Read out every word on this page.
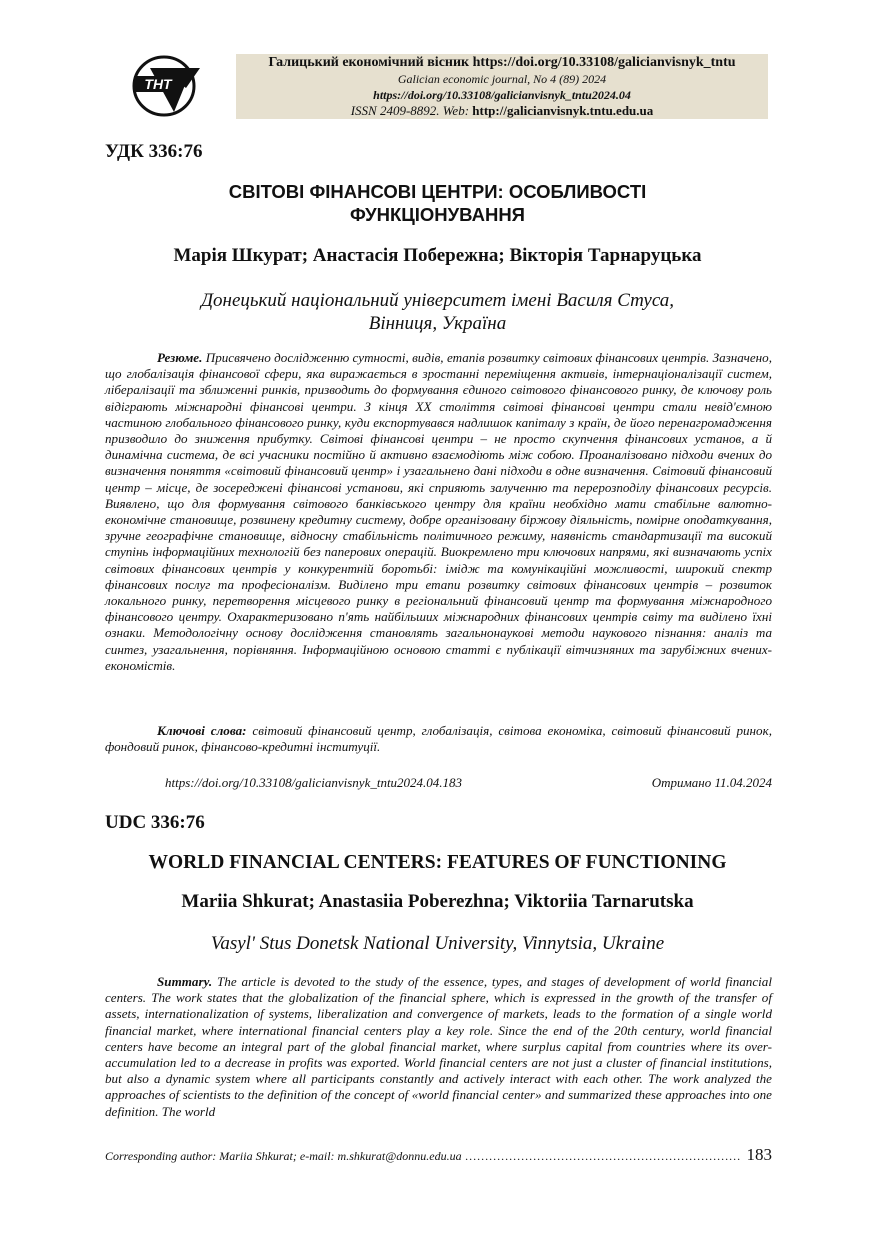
ТНТ
Галицький економічний вісник https://doi.org/10.33108/galicianvisnyk_tntu
Galician economic journal, No 4 (89) 2024
https://doi.org/10.33108/galicianvisnyk_tntu2024.04
ISSN 2409-8892. Web: http://galicianvisnyk.tntu.edu.ua
УДК 336:76
СВІТОВІ ФІНАНСОВІ ЦЕНТРИ: ОСОБЛИВОСТІ
ФУНКЦІОНУВАННЯ
Марія Шкурат; Анастасія Побережна; Вікторія Тарнаруцька
Донецький національний університет імені Василя Стуса,
Вінниця, Україна

Резюме. Присвячено дослідженню сутності, видів, етапів розвитку світових фінансових центрів. Зазначено, що глобалізація фінансової сфери, яка виражається в зростанні переміщення активів, інтернаціоналізації систем, лібералізації та зближенні ринків, призводить до формування єдиного світового фінансового ринку, де ключову роль відіграють міжнародні фінансові центри. З кінця XX століття світові фінансові центри стали невід'ємною частиною глобального фінансового ринку, куди експортувався надлишок капіталу з країн, де його перенагромадження призводило до зниження прибутку. Світові фінансові центри – не просто скупчення фінансових установ, а й динамічна система, де всі учасники постійно й активно взаємодіють між собою. Проаналізовано підходи вчених до визначення поняття «світовий фінансовий центр» і узагальнено дані підходи в одне визначення. Світовий фінансовий центр – місце, де зосереджені фінансові установи, які сприяють залученню та перерозподілу фінансових ресурсів. Виявлено, що для формування світового банківського центру для країни необхідно мати стабільне валютно-економічне становище, розвинену кредитну систему, добре організовану біржову діяльність, помірне оподаткування, зручне географічне становище, відносну стабільність політичного режиму, наявність стандартизації та високий ступінь інформаційних технологій без паперових операцій. Виокремлено три ключових напрями, які визначають успіх світових фінансових центрів у конкурентній боротьбі: імідж та комунікаційні можливості, широкий спектр фінансових послуг та професіоналізм. Виділено три етапи розвитку світових фінансових центрів – розвиток локального ринку, перетворення місцевого ринку в регіональний фінансовий центр та формування міжнародного фінансового центру. Охарактеризовано п'ять найбільших міжнародних фінансових центрів світу та виділено їхні ознаки. Методологічну основу дослідження становлять загальнонаукові методи наукового пізнання: аналіз та синтез, узагальнення, порівняння. Інформаційною основою статті є публікації вітчизняних та зарубіжних вчених-економістів.

Ключові слова: світовий фінансовий центр, глобалізація, світова економіка, світовий фінансовий ринок, фондовий ринок, фінансово-кредитні інституції.

https://doi.org/10.33108/galicianvisnyk_tntu2024.04.183	Отримано 11.04.2024
UDC 336:76
WORLD FINANCIAL CENTERS: FEATURES OF FUNCTIONING
Mariia Shkurat; Anastasiia Poberezhna; Viktoriia Tarnarutska
Vasyl' Stus Donetsk National University, Vinnytsia, Ukraine

Summary. The article is devoted to the study of the essence, types, and stages of development of world financial centers. The work states that the globalization of the financial sphere, which is expressed in the growth of the transfer of assets, internationalization of systems, liberalization and convergence of markets, leads to the formation of a single world financial market, where international financial centers play a key role. Since the end of the 20th century, world financial centers have become an integral part of the global financial market, where surplus capital from countries where its over-accumulation led to a decrease in profits was exported. World financial centers are not just a cluster of financial institutions, but also a dynamic system where all participants constantly and actively interact with each other. The work analyzed the approaches of scientists to the definition of the concept of «world financial center» and summarized these approaches into one definition. The world

Corresponding author: Mariia Shkurat; e-mail: m.shkurat@donnu.edu.ua …………………………………………………………… 183
